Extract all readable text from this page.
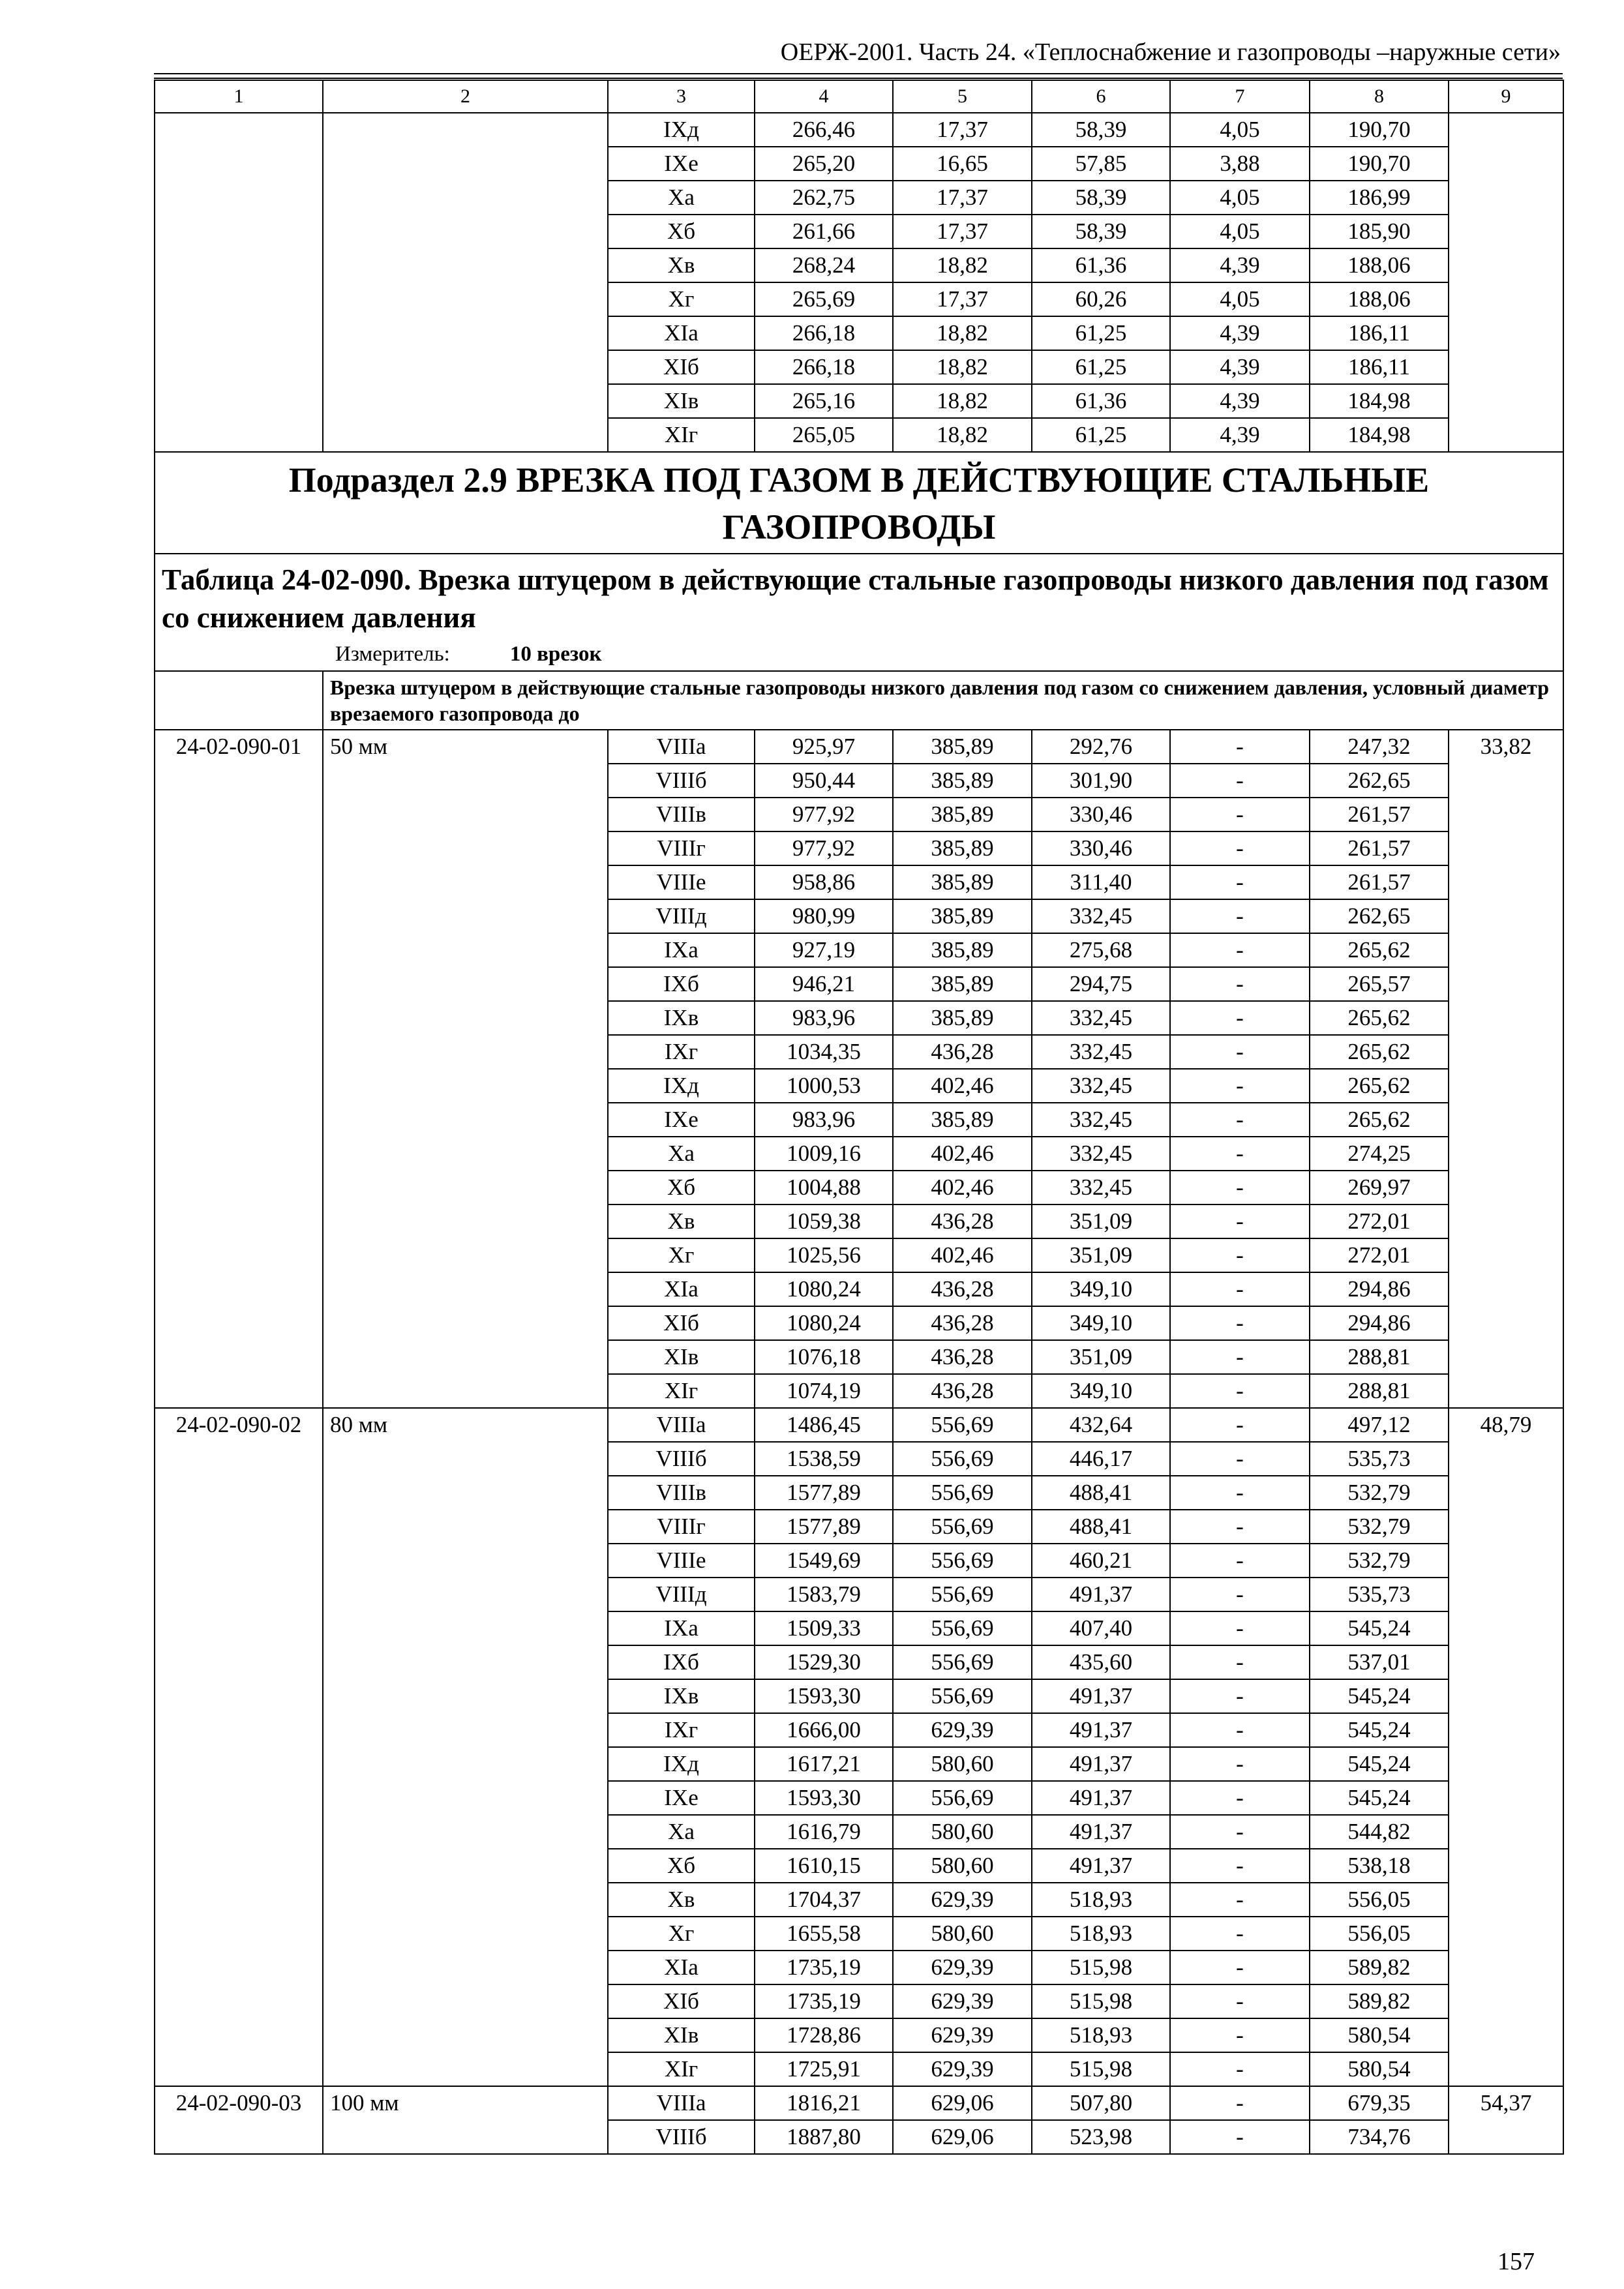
ОЕРЖ-2001. Часть 24. «Теплоснабжение и газопроводы –наружные сети»
1	2	3	4	5	6	7	8	9
		IXд	266,46	17,37	58,39	4,05	190,70	
		IXе	265,20	16,65	57,85	3,88	190,70	
		Xа	262,75	17,37	58,39	4,05	186,99	
		Xб	261,66	17,37	58,39	4,05	185,90	
		Xв	268,24	18,82	61,36	4,39	188,06	
		Xг	265,69	17,37	60,26	4,05	188,06	
		XIа	266,18	18,82	61,25	4,39	186,11	
		XIб	266,18	18,82	61,25	4,39	186,11	
		XIв	265,16	18,82	61,36	4,39	184,98	
		XIг	265,05	18,82	61,25	4,39	184,98	
Подраздел 2.9 ВРЕЗКА ПОД ГАЗОМ В ДЕЙСТВУЮЩИЕ СТАЛЬНЫЕ ГАЗОПРОВОДЫ								

Таблица 24-02-090. Врезка штуцером в действующие стальные газопроводы низкого давления под газом со снижением давления
Измеритель: 10 врезок								

	Врезка штуцером в действующие стальные газопроводы низкого давления под газом со снижением давления, условный диаметр врезаемого газопровода до							
24-02-090-01	50 мм	VIIIа	925,97	385,89	292,76	-	247,32	33,82
		VIIIб	950,44	385,89	301,90	-	262,65	
		VIIIв	977,92	385,89	330,46	-	261,57	
		VIIIг	977,92	385,89	330,46	-	261,57	
		VIIIе	958,86	385,89	311,40	-	261,57	
		VIIIд	980,99	385,89	332,45	-	262,65	
		IXа	927,19	385,89	275,68	-	265,62	
		IXб	946,21	385,89	294,75	-	265,57	
		IXв	983,96	385,89	332,45	-	265,62	
		IXг	1034,35	436,28	332,45	-	265,62	
		IXд	1000,53	402,46	332,45	-	265,62	
		IXе	983,96	385,89	332,45	-	265,62	
		Xа	1009,16	402,46	332,45	-	274,25	
		Xб	1004,88	402,46	332,45	-	269,97	
		Xв	1059,38	436,28	351,09	-	272,01	
		Xг	1025,56	402,46	351,09	-	272,01	
		XIа	1080,24	436,28	349,10	-	294,86	
		XIб	1080,24	436,28	349,10	-	294,86	
		XIв	1076,18	436,28	351,09	-	288,81	
		XIг	1074,19	436,28	349,10	-	288,81	
24-02-090-02	80 мм	VIIIа	1486,45	556,69	432,64	-	497,12	48,79
		VIIIб	1538,59	556,69	446,17	-	535,73	
		VIIIв	1577,89	556,69	488,41	-	532,79	
		VIIIг	1577,89	556,69	488,41	-	532,79	
		VIIIе	1549,69	556,69	460,21	-	532,79	
		VIIIд	1583,79	556,69	491,37	-	535,73	
		IXа	1509,33	556,69	407,40	-	545,24	
		IXб	1529,30	556,69	435,60	-	537,01	
		IXв	1593,30	556,69	491,37	-	545,24	
		IXг	1666,00	629,39	491,37	-	545,24	
		IXд	1617,21	580,60	491,37	-	545,24	
		IXе	1593,30	556,69	491,37	-	545,24	
		Xа	1616,79	580,60	491,37	-	544,82	
		Xб	1610,15	580,60	491,37	-	538,18	
		Xв	1704,37	629,39	518,93	-	556,05	
		Xг	1655,58	580,60	518,93	-	556,05	
		XIа	1735,19	629,39	515,98	-	589,82	
		XIб	1735,19	629,39	515,98	-	589,82	
		XIв	1728,86	629,39	518,93	-	580,54	
		XIг	1725,91	629,39	515,98	-	580,54	
24-02-090-03	100 мм	VIIIа	1816,21	629,06	507,80	-	679,35	54,37
		VIIIб	1887,80	629,06	523,98	-	734,76	
157
